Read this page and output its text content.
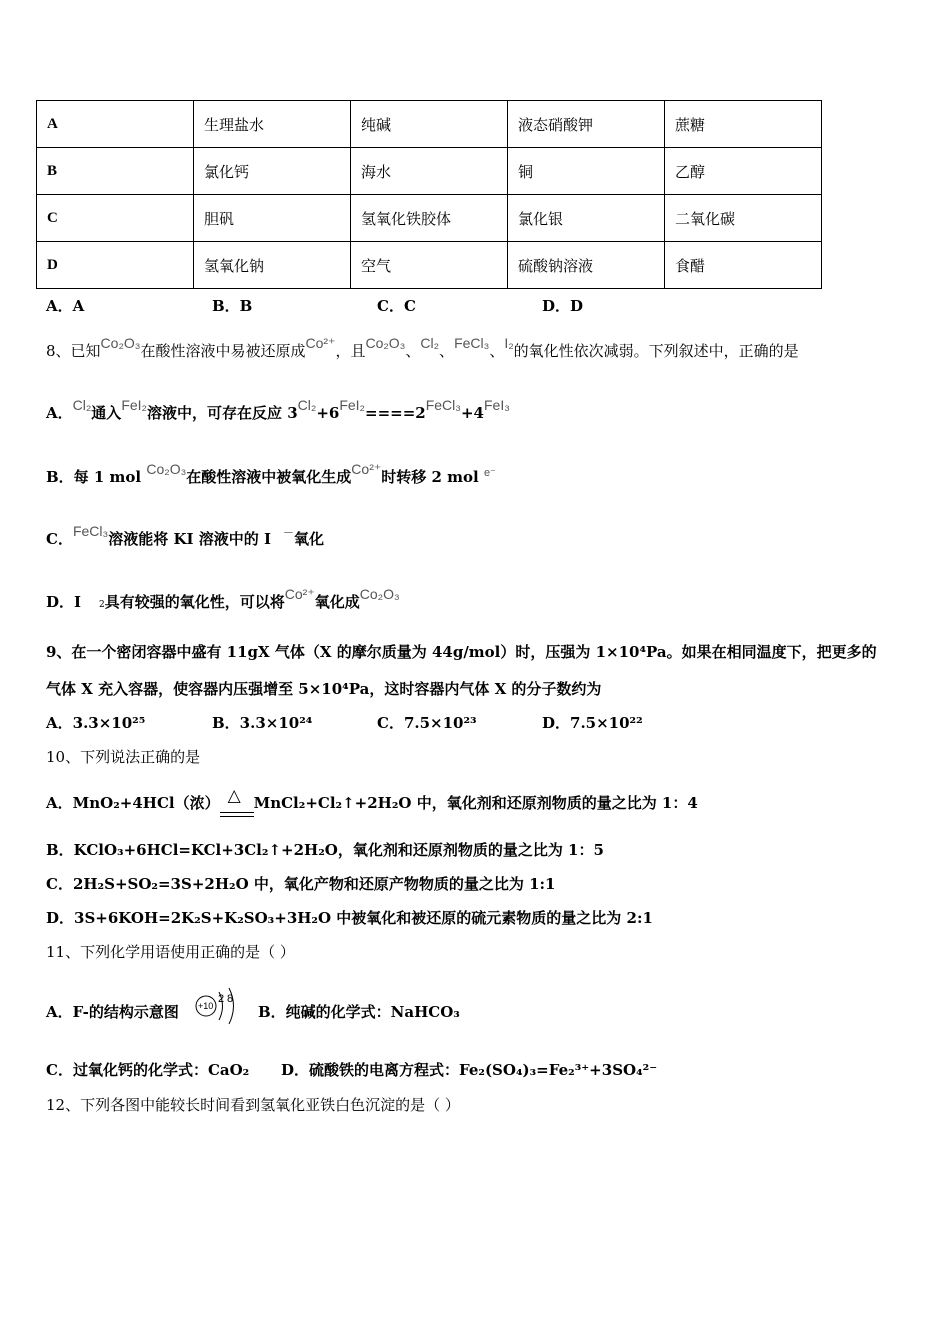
A	生理盐水	纯碱	液态硝酸钾	蔗糖
B	氯化钙	海水	铜	乙醇
C	胆矾	氢氧化铁胶体	氯化银	二氧化碳
D	氢氧化钠	空气	硫酸钠溶液	食醋
A．A	B．B	C．C	D．D
8、已知Co₂O₃在酸性溶液中易被还原成Co²⁺，且Co₂O₃、Cl₂、FeCl₃、I₂的氧化性依次减弱。下列叙述中，正确的是
A．Cl₂通入FeI₂溶液中，可存在反应 3Cl₂+6FeI₂====2FeCl₃+4FeI₃
B．每 1 mol Co₂O₃在酸性溶液中被氧化生成Co²⁺时转移 2 mol $^{e^-}$
C．FeCl₃溶液能将 KI 溶液中的 I －氧化
D．I 2具有较强的氧化性，可以将Co²⁺氧化成Co₂O₃
9、在一个密闭容器中盛有 11gX 气体（X 的摩尔质量为 44g/mol）时，压强为 1×10⁴Pa。如果在相同温度下，把更多的
气体 X 充入容器，使容器内压强增至 5×10⁴Pa，这时容器内气体 X 的分子数约为
A．3.3×10²⁵	B．3.3×10²⁴	C．7.5×10²³	D．7.5×10²²
10、下列说法正确的是
A．MnO₂+4HCl（浓） △ MnCl₂+Cl₂↑+2H₂O 中，氧化剂和还原剂物质的量之比为 1：4
B．KClO₃+6HCl=KCl+3Cl₂↑+2H₂O，氧化剂和还原剂物质的量之比为 1：5
C．2H₂S+SO₂=3S+2H₂O 中，氧化产物和还原产物物质的量之比为 1:1
D．3S+6KOH=2K₂S+K₂SO₃+3H₂O 中被氧化和被还原的硫元素物质的量之比为 2:1
11、下列化学用语使用正确的是（ ）
A．F-的结构示意图 +10
2 8
B．纯碱的化学式：NaHCO₃
C．过氧化钙的化学式：CaO₂ D．硫酸铁的电离方程式：Fe₂(SO₄)₃=Fe₂³⁺+3SO₄²⁻
12、下列各图中能较长时间看到氢氧化亚铁白色沉淀的是（ ）
